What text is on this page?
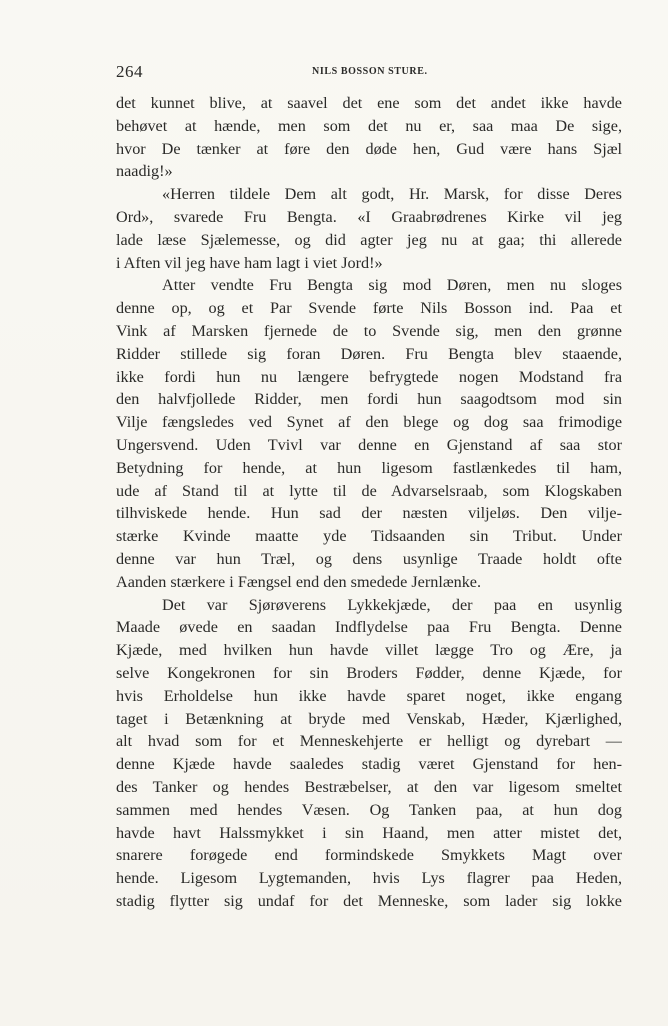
264	NILS BOSSON STURE.
det kunnet blive, at saavel det ene som det andet ikke havde
behøvet at hænde, men som det nu er, saa maa De sige,
hvor De tænker at føre den døde hen, Gud være hans Sjæl
naadig!»
«Herren tildele Dem alt godt, Hr. Marsk, for disse Deres
Ord», svarede Fru Bengta. «I Graabrødrenes Kirke vil jeg
lade læse Sjælemesse, og did agter jeg nu at gaa; thi allerede
i Aften vil jeg have ham lagt i viet Jord!»
Atter vendte Fru Bengta sig mod Døren, men nu sloges
denne op, og et Par Svende førte Nils Bosson ind. Paa et
Vink af Marsken fjernede de to Svende sig, men den grønne
Ridder stillede sig foran Døren. Fru Bengta blev staaende,
ikke fordi hun nu længere befrygtede nogen Modstand fra
den halvfjollede Ridder, men fordi hun saagodtsom mod sin
Vilje fængsledes ved Synet af den blege og dog saa frimodige
Ungersvend. Uden Tvivl var denne en Gjenstand af saa stor
Betydning for hende, at hun ligesom fastlænkedes til ham,
ude af Stand til at lytte til de Advarselsraab, som Klogskaben
tilhviskede hende. Hun sad der næsten viljeløs. Den vilje-
stærke Kvinde maatte yde Tidsaanden sin Tribut. Under
denne var hun Træl, og dens usynlige Traade holdt ofte
Aanden stærkere i Fængsel end den smedede Jernlænke.
Det var Sjørøverens Lykkekjæde, der paa en usynlig
Maade øvede en saadan Indflydelse paa Fru Bengta. Denne
Kjæde, med hvilken hun havde villet lægge Tro og Ære, ja
selve Kongekronen for sin Broders Fødder, denne Kjæde, for
hvis Erholdelse hun ikke havde sparet noget, ikke engang
taget i Betænkning at bryde med Venskab, Hæder, Kjærlighed,
alt hvad som for et Menneskehjerte er helligt og dyrebart —
denne Kjæde havde saaledes stadig været Gjenstand for hen-
des Tanker og hendes Bestræbelser, at den var ligesom smeltet
sammen med hendes Væsen. Og Tanken paa, at hun dog
havde havt Halssmykket i sin Haand, men atter mistet det,
snarere forøgede end formindskede Smykkets Magt over
hende. Ligesom Lygtemanden, hvis Lys flagrer paa Heden,
stadig flytter sig undaf for det Menneske, som lader sig lokke
